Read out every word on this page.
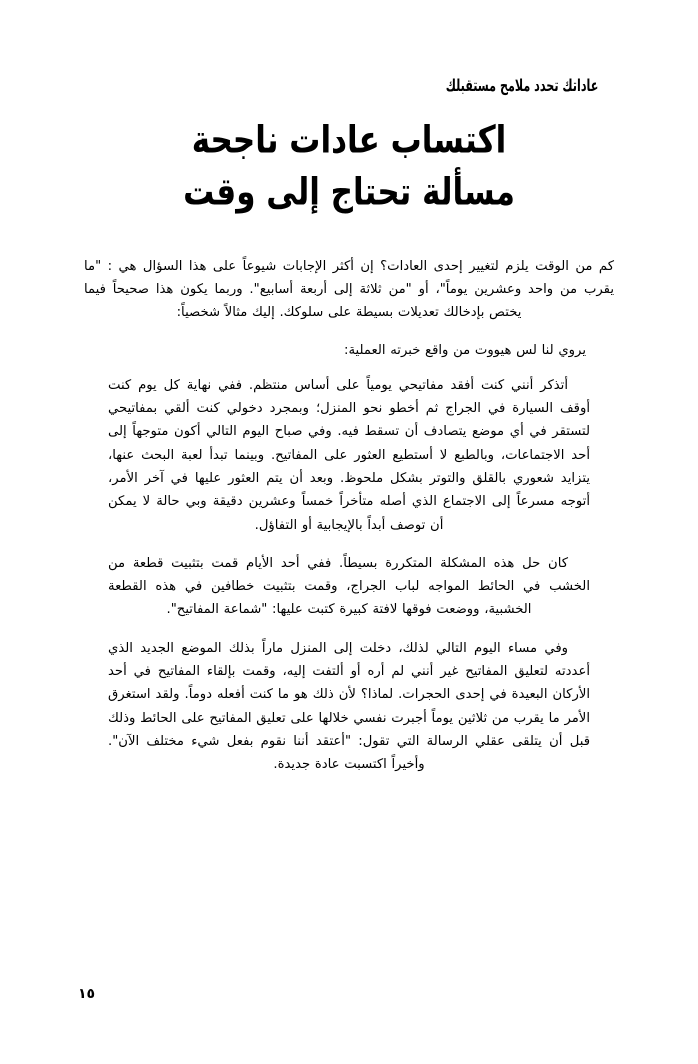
عاداتك تحدد ملامح مستقبلك
اكتساب عادات ناجحة
مسألة تحتاج إلى وقت

كم من الوقت يلزم لتغيير إحدى العادات؟ إن أكثر الإجابات شيوعاً على هذا السؤال هي : "ما يقرب من واحد وعشرين يوماً"، أو "من ثلاثة إلى أربعة أسابيع". وربما يكون هذا صحيحاً فيما يختص بإدخالك تعديلات بسيطة على سلوكك. إليك مثالاً شخصياً:

يروي لنا لس هيووت من واقع خبرته العملية:

أتذكر أنني كنت أفقد مفاتيحي يومياً على أساس منتظم. ففي نهاية كل يوم كنت أوقف السيارة في الجراج ثم أخطو نحو المنزل؛ وبمجرد دخولي كنت ألقي بمفاتيحي لتستقر في أي موضع يتصادف أن تسقط فيه. وفي صباح اليوم التالي أكون متوجهاً إلى أحد الاجتماعات، وبالطبع لا أستطيع العثور على المفاتيح. وبينما تبدأ لعبة البحث عنها، يتزايد شعوري بالقلق والتوتر بشكل ملحوظ. وبعد أن يتم العثور عليها في آخر الأمر، أتوجه مسرعاً إلى الاجتماع الذي أصله متأخراً خمساً وعشرين دقيقة وبي حالة لا يمكن أن توصف أبداً بالإيجابية أو التفاؤل.

كان حل هذه المشكلة المتكررة بسيطاً. ففي أحد الأيام قمت بتثبيت قطعة من الخشب في الحائط المواجه لباب الجراج، وقمت بتثبيت خطافين في هذه القطعة الخشبية، ووضعت فوقها لافتة كبيرة كتبت عليها: "شماعة المفاتيح".

وفي مساء اليوم التالي لذلك، دخلت إلى المنزل ماراً بذلك الموضع الجديد الذي أعددته لتعليق المفاتيح غير أنني لم أره أو ألتفت إليه، وقمت بإلقاء المفاتيح في أحد الأركان البعيدة في إحدى الحجرات. لماذا؟ لأن ذلك هو ما كنت أفعله دوماً. ولقد استغرق الأمر ما يقرب من ثلاثين يوماً أجبرت نفسي خلالها على تعليق المفاتيح على الحائط وذلك قبل أن يتلقى عقلي الرسالة التي تقول: "أعتقد أننا نقوم بفعل شيء مختلف الآن". وأخيراً اكتسبت عادة جديدة.

١٥
